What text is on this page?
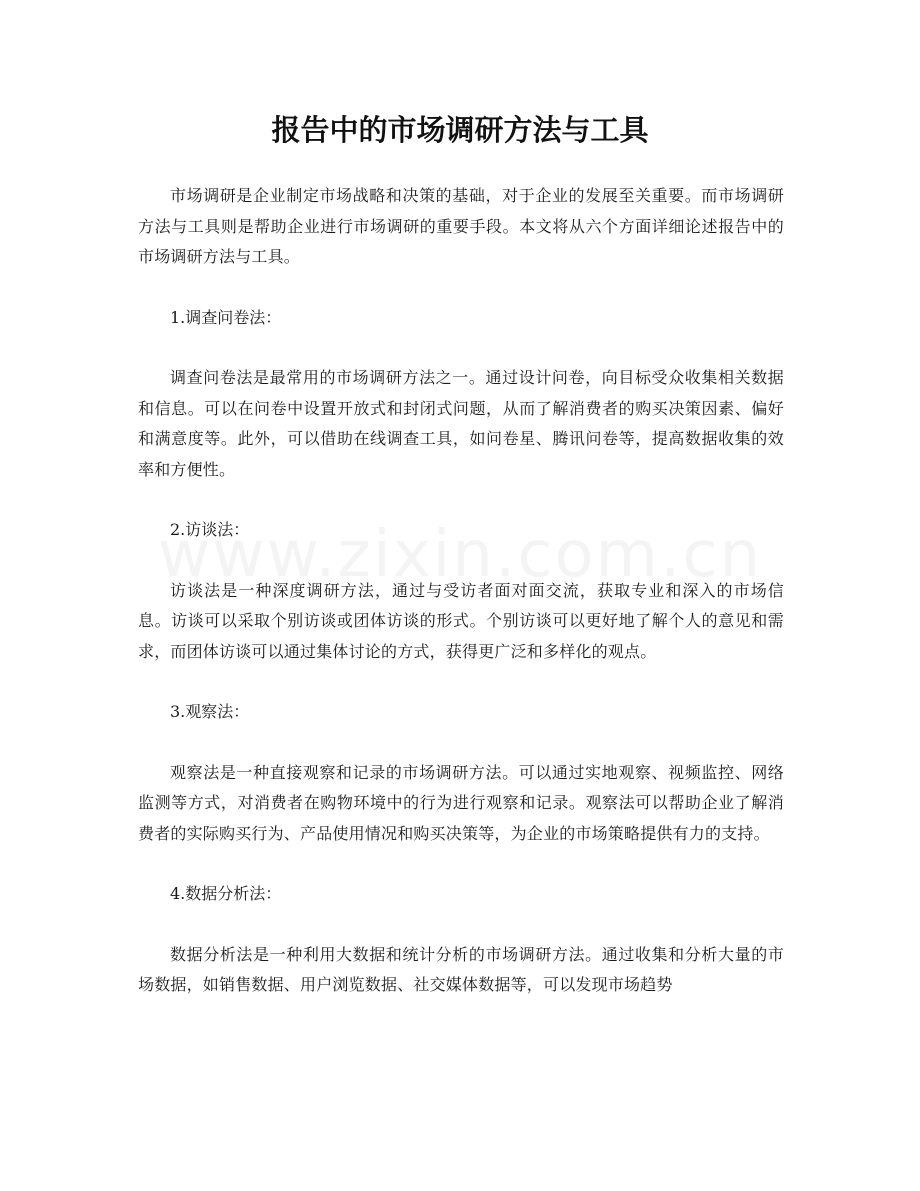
报告中的市场调研方法与工具

市场调研是企业制定市场战略和决策的基础，对于企业的发展至关重要。而市场调研方法与工具则是帮助企业进行市场调研的重要手段。本文将从六个方面详细论述报告中的市场调研方法与工具。

1.调查问卷法：

调查问卷法是最常用的市场调研方法之一。通过设计问卷，向目标受众收集相关数据和信息。可以在问卷中设置开放式和封闭式问题，从而了解消费者的购买决策因素、偏好和满意度等。此外，可以借助在线调查工具，如问卷星、腾讯问卷等，提高数据收集的效率和方便性。

2.访谈法：

访谈法是一种深度调研方法，通过与受访者面对面交流，获取专业和深入的市场信息。访谈可以采取个别访谈或团体访谈的形式。个别访谈可以更好地了解个人的意见和需求，而团体访谈可以通过集体讨论的方式，获得更广泛和多样化的观点。

3.观察法：

观察法是一种直接观察和记录的市场调研方法。可以通过实地观察、视频监控、网络监测等方式，对消费者在购物环境中的行为进行观察和记录。观察法可以帮助企业了解消费者的实际购买行为、产品使用情况和购买决策等，为企业的市场策略提供有力的支持。

4.数据分析法：

数据分析法是一种利用大数据和统计分析的市场调研方法。通过收集和分析大量的市场数据，如销售数据、用户浏览数据、社交媒体数据等，可以发现市场趋势
